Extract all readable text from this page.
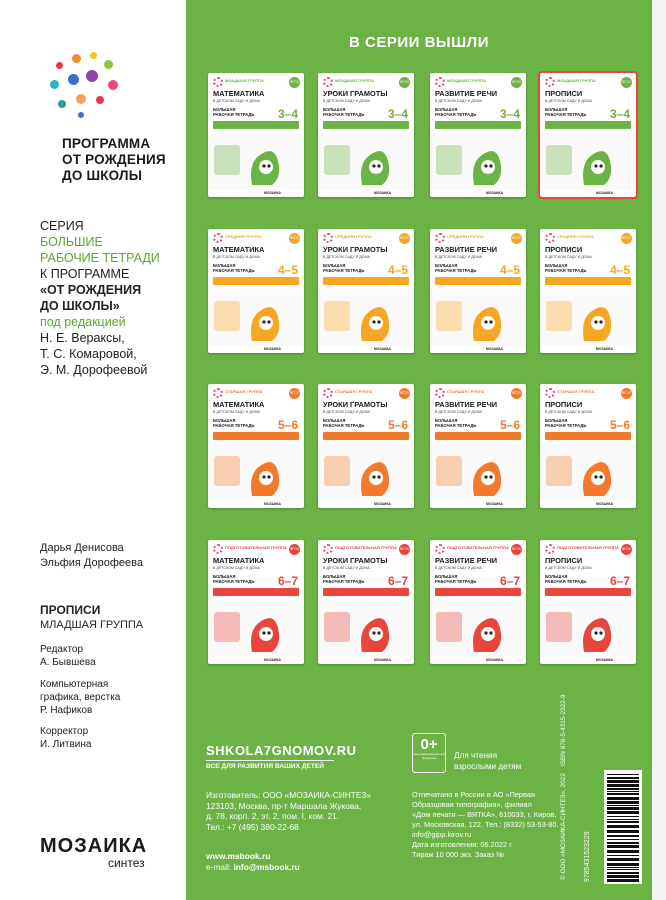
ПРОГРАММА
ОТ РОЖДЕНИЯ
ДО ШКОЛЫ
СЕРИЯ
БОЛЬШИЕ
РАБОЧИЕ ТЕТРАДИ
К ПРОГРАММЕ
«ОТ РОЖДЕНИЯ
ДО ШКОЛЫ»
под редакцией
Н. Е. Вераксы,
Т. С. Комаровой,
Э. М. Дорофеевой
Дарья Денисова
Эльфия Дорофеева
ПРОПИСИ
МЛАДШАЯ ГРУППА
Редактор
А. Бывшева
Компьютерная
графика, верстка
Р. Нафиков
Корректор
И. Литвина
МОЗАИКА
синтез
В СЕРИИ ВЫШЛИ
МЛАДШАЯ ГРУППА	ФГОС
МАТЕМАТИКА
В ДЕТСКОМ САДУ И ДОМА
БОЛЬШАЯ
РАБОЧАЯ ТЕТРАДЬ 3–4
МОЗАИКА
МЛАДШАЯ ГРУППА	ФГОС
УРОКИ ГРАМОТЫ
В ДЕТСКОМ САДУ И ДОМА
БОЛЬШАЯ
РАБОЧАЯ ТЕТРАДЬ 3–4
МОЗАИКА
МЛАДШАЯ ГРУППА	ФГОС
РАЗВИТИЕ РЕЧИ
В ДЕТСКОМ САДУ И ДОМА
БОЛЬШАЯ
РАБОЧАЯ ТЕТРАДЬ 3–4
МОЗАИКА
МЛАДШАЯ ГРУППА	ФГОС
ПРОПИСИ
В ДЕТСКОМ САДУ И ДОМА
БОЛЬШАЯ
РАБОЧАЯ ТЕТРАДЬ 3–4
МОЗАИКА
СРЕДНЯЯ ГРУППА	ФГОС
МАТЕМАТИКА
В ДЕТСКОМ САДУ И ДОМА
БОЛЬШАЯ
РАБОЧАЯ ТЕТРАДЬ 4–5
МОЗАИКА
СРЕДНЯЯ ГРУППА	ФГОС
УРОКИ ГРАМОТЫ
В ДЕТСКОМ САДУ И ДОМА
БОЛЬШАЯ
РАБОЧАЯ ТЕТРАДЬ 4–5
МОЗАИКА
СРЕДНЯЯ ГРУППА	ФГОС
РАЗВИТИЕ РЕЧИ
В ДЕТСКОМ САДУ И ДОМА
БОЛЬШАЯ
РАБОЧАЯ ТЕТРАДЬ 4–5
МОЗАИКА
СРЕДНЯЯ ГРУППА	ФГОС
ПРОПИСИ
В ДЕТСКОМ САДУ И ДОМА
БОЛЬШАЯ
РАБОЧАЯ ТЕТРАДЬ 4–5
МОЗАИКА
СТАРШАЯ ГРУППА	ФГОС
МАТЕМАТИКА
В ДЕТСКОМ САДУ И ДОМА
БОЛЬШАЯ
РАБОЧАЯ ТЕТРАДЬ 5–6
МОЗАИКА
СТАРШАЯ ГРУППА	ФГОС
УРОКИ ГРАМОТЫ
В ДЕТСКОМ САДУ И ДОМА
БОЛЬШАЯ
РАБОЧАЯ ТЕТРАДЬ 5–6
МОЗАИКА
СТАРШАЯ ГРУППА	ФГОС
РАЗВИТИЕ РЕЧИ
В ДЕТСКОМ САДУ И ДОМА
БОЛЬШАЯ
РАБОЧАЯ ТЕТРАДЬ 5–6
МОЗАИКА
СТАРШАЯ ГРУППА	ФГОС
ПРОПИСИ
В ДЕТСКОМ САДУ И ДОМА
БОЛЬШАЯ
РАБОЧАЯ ТЕТРАДЬ 5–6
МОЗАИКА
ПОДГОТОВИТЕЛЬНАЯ ГРУППА ФГОС
МАТЕМАТИКА
В ДЕТСКОМ САДУ И ДОМА
БОЛЬШАЯ
РАБОЧАЯ ТЕТРАДЬ 6–7
МОЗАИКА
ПОДГОТОВИТЕЛЬНАЯ ГРУППА ФГОС
УРОКИ ГРАМОТЫ
В ДЕТСКОМ САДУ И ДОМА
БОЛЬШАЯ
РАБОЧАЯ ТЕТРАДЬ 6–7
МОЗАИКА
ПОДГОТОВИТЕЛЬНАЯ ГРУППА ФГОС
РАЗВИТИЕ РЕЧИ
В ДЕТСКОМ САДУ И ДОМА
БОЛЬШАЯ
РАБОЧАЯ ТЕТРАДЬ 6–7
МОЗАИКА
ПОДГОТОВИТЕЛЬНАЯ ГРУППА ФГОС
ПРОПИСИ
В ДЕТСКОМ САДУ И ДОМА
БОЛЬШАЯ
РАБОЧАЯ ТЕТРАДЬ 6–7
МОЗАИКА
SHKOLA7GNOMOV.RU
ВСЕ ДЛЯ РАЗВИТИЯ ВАШИХ ДЕТЕЙ
0+
знак информационной продукции	Для чтения
взрослыми детям
Изготовитель: ООО «МОЗАИКА-СИНТЕЗ»
123103, Москва, пр-т Маршала Жукова,
д. 78, корп. 2, эт. 2, пом. I, ком. 21.
Тел.: +7 (495) 380-22-68
www.msbook.ru
e-mail: info@msbook.ru
Отпечатано в России в АО «Первая
Образцовая типография», филиал
«Дом печати — ВЯТКА», 610033, г. Киров,
ул. Московская, 122. Тел.: (8332) 53-53-80.
info@gipp.kirov.ru
Дата изготовления: 06.2022 г.
Тираж 10 000 экз. Заказ №	© ООО «МОЗАИКА-СИНТЕЗ», 2022    ISBN 978-5-4315-2322-9
9785431523229
